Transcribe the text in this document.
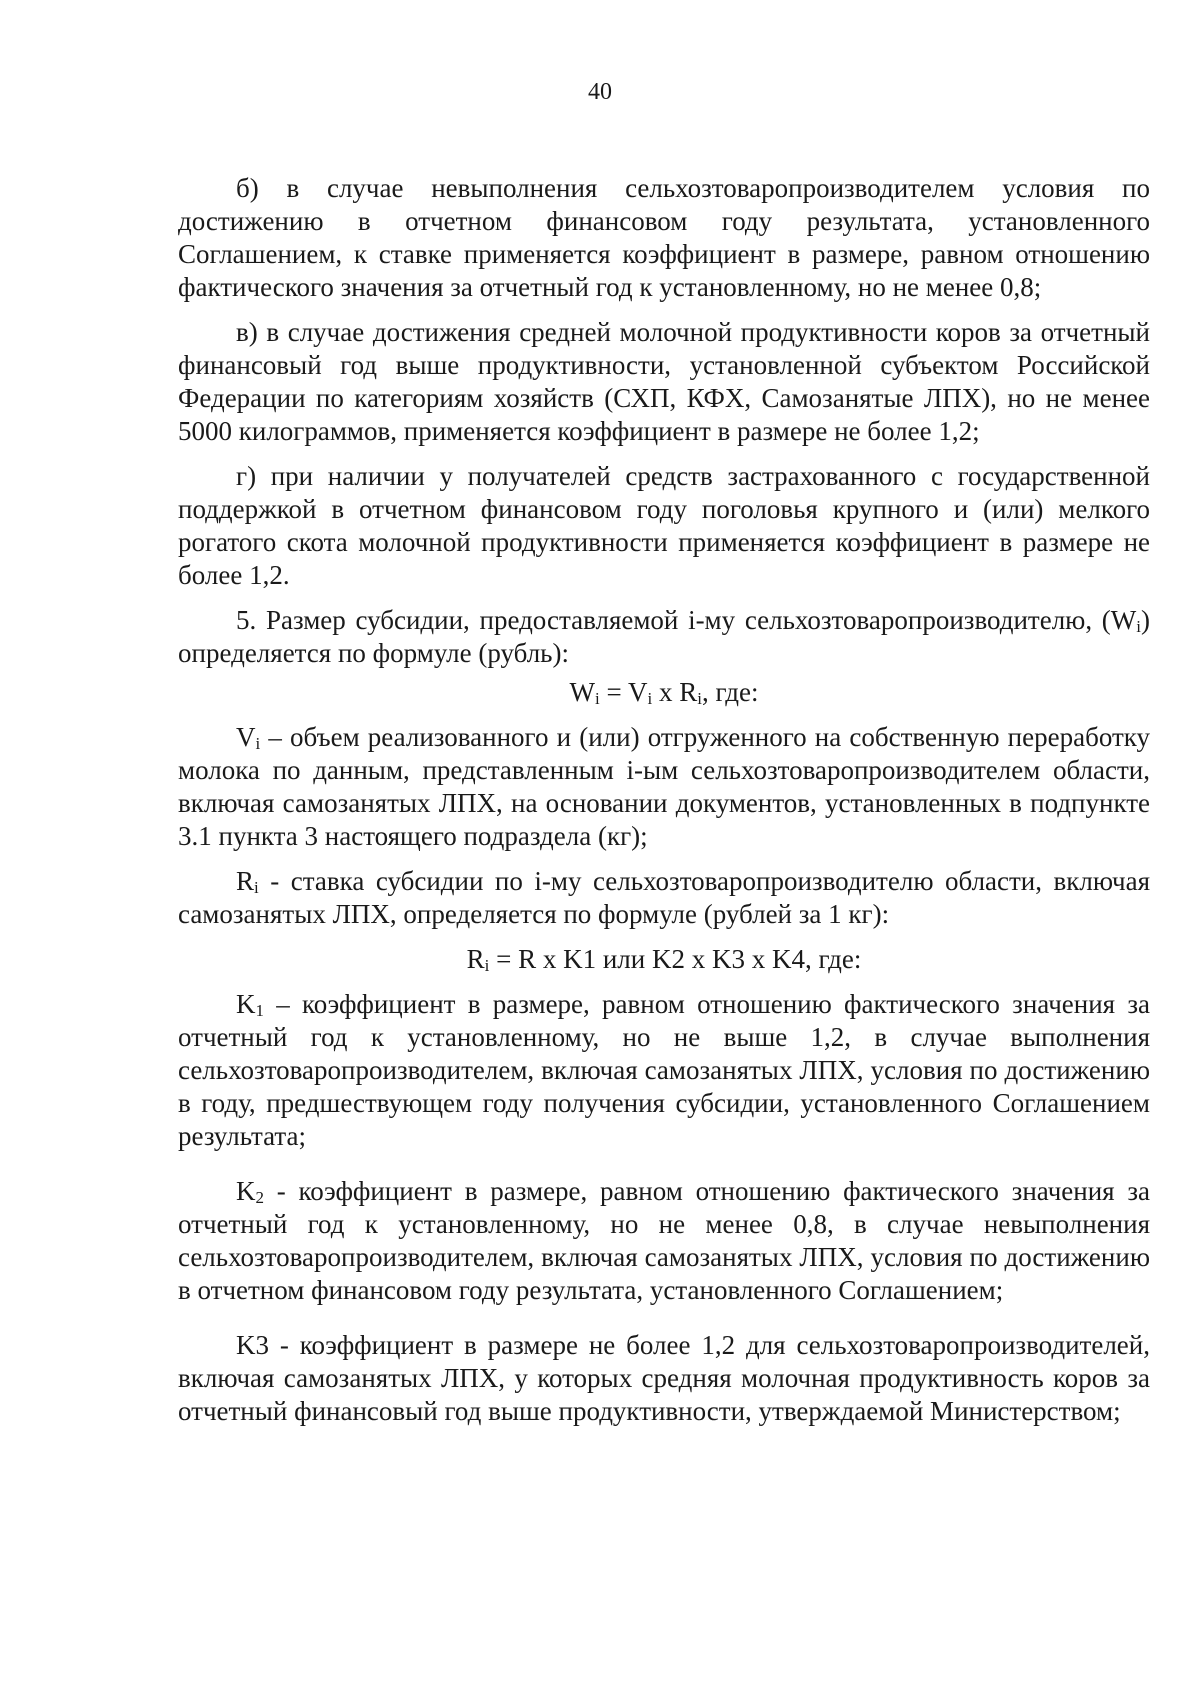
40

б) в случае невыполнения сельхозтоваропроизводителем условия по достижению в отчетном финансовом году результата, установленного Соглашением, к ставке применяется коэффициент в размере, равном отношению фактического значения за отчетный год к установленному, но не менее 0,8;

в) в случае достижения средней молочной продуктивности коров за отчетный финансовый год выше продуктивности, установленной субъектом Российской Федерации по категориям хозяйств (СХП, КФХ, Самозанятые ЛПХ), но не менее 5000 килограммов, применяется коэффициент в размере не более 1,2;

г) при наличии у получателей средств застрахованного с государственной поддержкой в отчетном финансовом году поголовья крупного и (или) мелкого рогатого скота молочной продуктивности применяется коэффициент в размере не более 1,2.

5. Размер субсидии, предоставляемой i-му сельхозтоваропроизводителю, $(W_i)$ определяется по формуле (рубль):

$W_i = V_i$ x $R_i$, где:

$V_i$ – объем реализованного и (или) отгруженного на собственную переработку молока по данным, представленным i-ым сельхозтоваропроизводителем области, включая самозанятых ЛПХ, на основании документов, установленных в подпункте 3.1 пункта 3 настоящего подраздела (кг);

$R_i$ - ставка субсидии по i-му сельхозтоваропроизводителю области, включая самозанятых ЛПХ, определяется по формуле (рублей за 1 кг):

$R_i = R$ x K1 или K2 x K3 x K4, где:

$K_1$ – коэффициент в размере, равном отношению фактического значения за отчетный год к установленному, но не выше 1,2, в случае выполнения сельхозтоваропроизводителем, включая самозанятых ЛПХ, условия по достижению в году, предшествующем году получения субсидии, установленного Соглашением результата;

$K_2$ - коэффициент в размере, равном отношению фактического значения за отчетный год к установленному, но не менее 0,8, в случае невыполнения сельхозтоваропроизводителем, включая самозанятых ЛПХ, условия по достижению в отчетном финансовом году результата, установленного Соглашением;

K3 - коэффициент в размере не более 1,2 для сельхозтоваропроизводителей, включая самозанятых ЛПХ, у которых средняя молочная продуктивность коров за отчетный финансовый год выше продуктивности, утверждаемой Министерством;
